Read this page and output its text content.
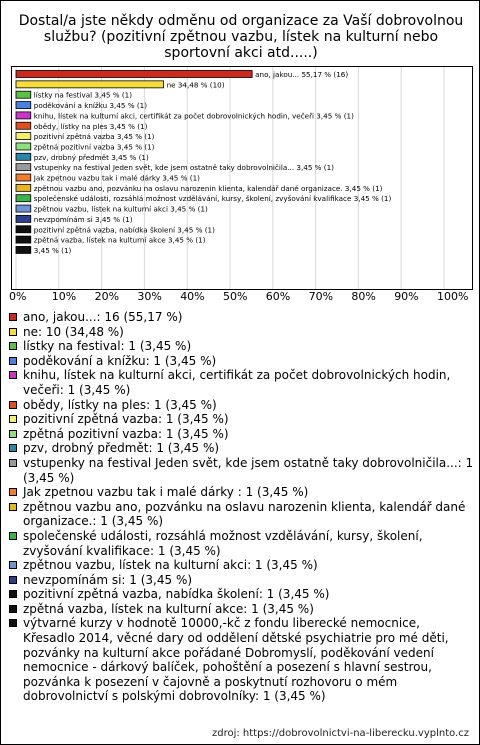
Dostal/a jste někdy odměnu od organizace za Vaší dobrovolnou službu? (pozitivní zpětnou vazbu, lístek na kulturní nebo sportovní akci atd.....)
ano, jakou... 55,17 % (16)
ne 34,48 % (10)
lístky na festival 3,45 % (1)
poděkování a knížku 3,45 % (1)
knihu, lístek na kulturní akci, certifikát za počet dobrovolnických hodin, večeři 3,45 % (1)
obědy, lístky na ples 3,45 % (1)
pozitivní zpětná vazba 3,45 % (1)
zpětná pozitivní vazba 3,45 % (1)
pzv, drobný předmět 3,45 % (1)
vstupenky na festival Jeden svět, kde jsem ostatně taky dobrovolničila... 3,45 % (1)
Jak zpetnou vazbu tak i malé dárky 3,45 % (1)
zpětnou vazbu ano, pozvánku na oslavu narozenin klienta, kalendář dané organizace. 3,45 % (1)
společenské události, rozsáhlá možnost vzdělávání, kursy, školení, zvyšování kvalifikace 3,45 % (1)
zpětnou vazbu, lístek na kulturní akci 3,45 % (1)
nevzpomínám si 3,45 % (1)
pozitivní zpětná vazba, nabídka školení 3,45 % (1)
zpětná vazba, lístek na kulturní akce 3,45 % (1)
3,45 % (1)
ano, jakou...: 16 (55,17 %)
ne: 10 (34,48 %)
lístky na festival: 1 (3,45 %)
poděkování a knížku: 1 (3,45 %)
knihu, lístek na kulturní akci, certifikát za počet dobrovolnických hodin, večeři: 1 (3,45 %)
obědy, lístky na ples: 1 (3,45 %)
pozitivní zpětná vazba: 1 (3,45 %)
zpětná pozitivní vazba: 1 (3,45 %)
pzv, drobný předmět: 1 (3,45 %)
vstupenky na festival Jeden svět, kde jsem ostatně taky dobrovolničila...: 1 (3,45 %)
Jak zpetnou vazbu tak i malé dárky : 1 (3,45 %)
zpětnou vazbu ano, pozvánku na oslavu narozenin klienta, kalendář dané organizace.: 1 (3,45 %)
společenské události, rozsáhlá možnost vzdělávání, kursy, školení, zvyšování kvalifikace: 1 (3,45 %)
zpětnou vazbu, lístek na kulturní akci: 1 (3,45 %)
nevzpomínám si: 1 (3,45 %)
pozitivní zpětná vazba, nabídka školení: 1 (3,45 %)
zpětná vazba, lístek na kulturní akce: 1 (3,45 %)
výtvarné kurzy v hodnotě 10000,-kč z fondu liberecké nemocnice, Křesadlo 2014, věcné dary od oddělení dětské psychiatrie pro mé děti, pozvánky na kulturní akce pořádané Dobromyslí, poděkování vedení nemocnice - dárkový balíček, pohoštění a posezení s hlavní sestrou, pozvánka k posezení v čajovně a poskytnutí rozhovoru o mém dobrovolnictví s polskými dobrovolníky: 1 (3,45 %)
zdroj: https://dobrovolnictvi-na-liberecku.vyplnto.cz
0% 10% 20% 30% 40% 50% 60% 70% 80% 90% 100%
